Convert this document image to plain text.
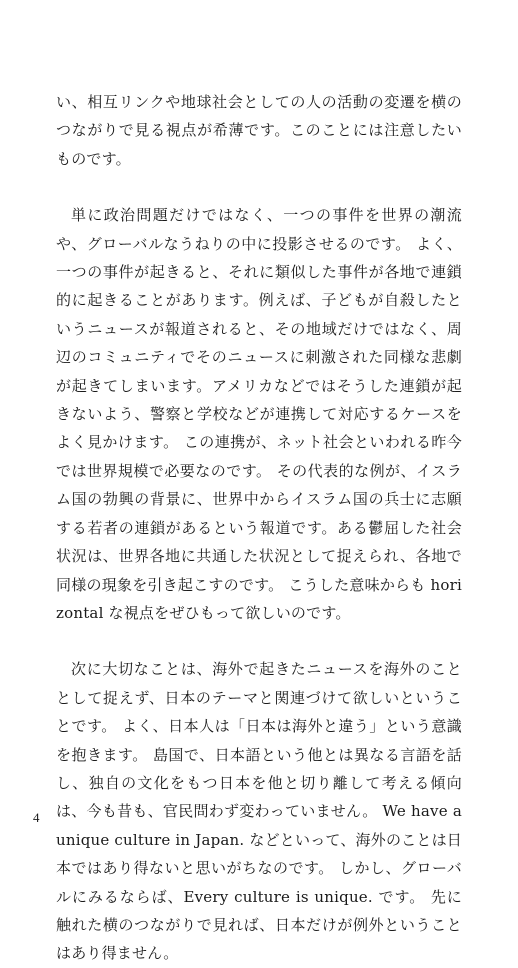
い、相互リンクや地球社会としての人の活動の変遷を横のつながりで見る視点が希薄です。このことには注意したいものです。

単に政治問題だけではなく、一つの事件を世界の潮流や、グローバルなうねりの中に投影させるのです。 よく、一つの事件が起きると、それに類似した事件が各地で連鎖的に起きることがあります。例えば、子どもが自殺したというニュースが報道されると、その地域だけではなく、周辺のコミュニティでそのニュースに刺激された同様な悲劇が起きてしまいます。アメリカなどではそうした連鎖が起きないよう、警察と学校などが連携して対応するケースをよく見かけます。 この連携が、ネット社会といわれる昨今では世界規模で必要なのです。 その代表的な例が、イスラム国の勃興の背景に、世界中からイスラム国の兵士に志願する若者の連鎖があるという報道です。ある鬱屈した社会状況は、世界各地に共通した状況として捉えられ、各地で同様の現象を引き起こすのです。 こうした意味からも horizontal な視点をぜひもって欲しいのです。

次に大切なことは、海外で起きたニュースを海外のこととして捉えず、日本のテーマと関連づけて欲しいということです。 よく、日本人は「日本は海外と違う」という意識を抱きます。 島国で、日本語という他とは異なる言語を話し、独自の文化をもつ日本を他と切り離して考える傾向は、今も昔も、官民問わず変わっていません。 We have a unique culture in Japan. などといって、海外のことは日本ではあり得ないと思いがちなのです。 しかし、グローバルにみるならば、Every culture is unique. です。 先に触れた横のつながりで見れば、日本だけが例外ということはあり得ません。

4
